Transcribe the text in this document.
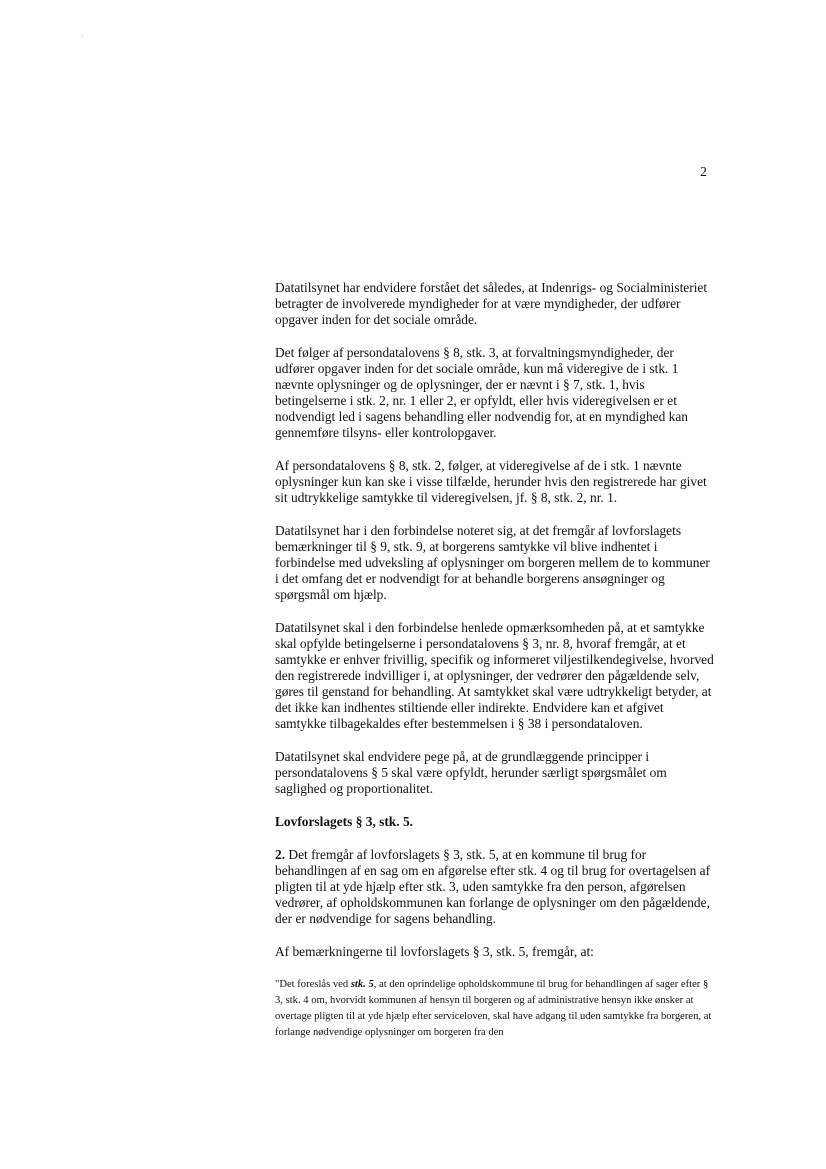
2

Datatilsynet har endvidere forstået det således, at Indenrigs- og Socialministeriet betragter de involverede myndigheder for at være myndigheder, der udfører opgaver inden for det sociale område.

Det følger af persondatalovens § 8, stk. 3, at forvaltningsmyndigheder, der udfører opgaver inden for det sociale område, kun må videregive de i stk. 1 nævnte oplysninger og de oplysninger, der er nævnt i § 7, stk. 1, hvis betingelserne i stk. 2, nr. 1 eller 2, er opfyldt, eller hvis videregivelsen er et nodvendigt led i sagens behandling eller nodvendig for, at en myndighed kan gennemføre tilsyns- eller kontrolopgaver.

Af persondatalovens § 8, stk. 2, følger, at videregivelse af de i stk. 1 nævnte oplysninger kun kan ske i visse tilfælde, herunder hvis den registrerede har givet sit udtrykkelige samtykke til videregivelsen, jf. § 8, stk. 2, nr. 1.

Datatilsynet har i den forbindelse noteret sig, at det fremgår af lovforslagets bemærkninger til § 9, stk. 9, at borgerens samtykke vil blive indhentet i forbindelse med udveksling af oplysninger om borgeren mellem de to kommuner i det omfang det er nodvendigt for at behandle borgerens ansøgninger og spørgsmål om hjælp.

Datatilsynet skal i den forbindelse henlede opmærksomheden på, at et samtykke skal opfylde betingelserne i persondatalovens § 3, nr. 8, hvoraf fremgår, at et samtykke er enhver frivillig, specifik og informeret viljestilkendegivelse, hvorved den registrerede indvilliger i, at oplysninger, der vedrører den pågældende selv, gøres til genstand for behandling. At samtykket skal være udtrykkeligt betyder, at det ikke kan indhentes stiltiende eller indirekte. Endvidere kan et afgivet samtykke tilbagekaldes efter bestemmelsen i § 38 i persondataloven.

Datatilsynet skal endvidere pege på, at de grundlæggende principper i persondatalovens § 5 skal være opfyldt, herunder særligt spørgsmålet om saglighed og proportionalitet.

Lovforslagets § 3, stk. 5.

2. Det fremgår af lovforslagets § 3, stk. 5, at en kommune til brug for behandlingen af en sag om en afgørelse efter stk. 4 og til brug for overtagelsen af pligten til at yde hjælp efter stk. 3, uden samtykke fra den person, afgørelsen vedrører, af opholdskommunen kan forlange de oplysninger om den pågældende, der er nødvendige for sagens behandling.

Af bemærkningerne til lovforslagets § 3, stk. 5, fremgår, at:

"Det foreslås ved stk. 5, at den oprindelige opholdskommune til brug for behandlingen af sager efter § 3, stk. 4 om, hvorvidt kommunen af hensyn til borgeren og af administrative hensyn ikke ønsker at overtage pligten til at yde hjælp efter serviceloven, skal have adgang til uden samtykke fra borgeren, at forlange nødvendige oplysninger om borgeren fra den
